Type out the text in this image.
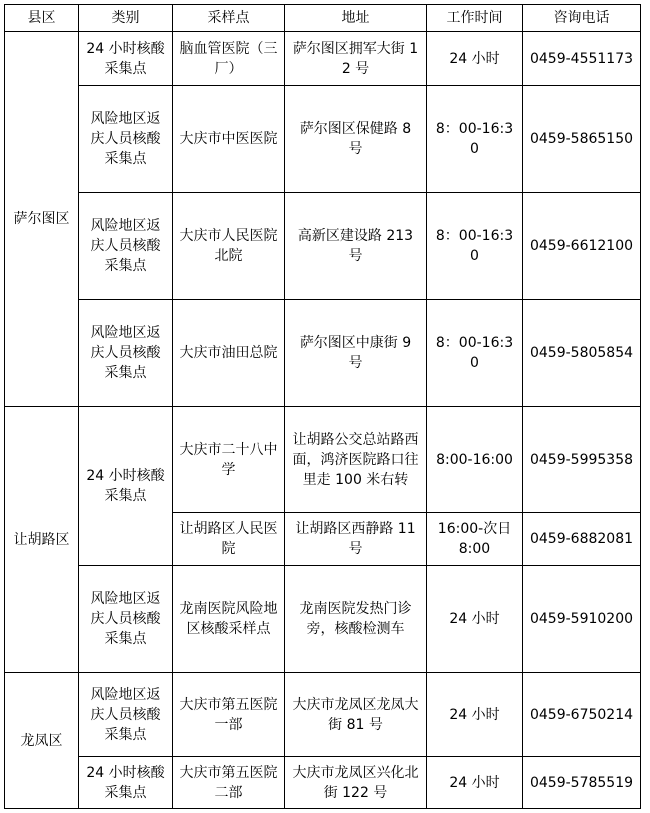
县区	类别	采样点	地址	工作时间	咨询电话
萨尔图区	24 小时核酸采集点	脑血管医院（三厂）	萨尔图区拥军大街 12 号	24 小时	0459-4551173
	风险地区返庆人员核酸采集点	大庆市中医医院	萨尔图区保健路 8 号	8：00-16:30	0459-5865150
	风险地区返庆人员核酸采集点	大庆市人民医院北院	高新区建设路 213 号	8：00-16:30	0459-6612100
	风险地区返庆人员核酸采集点	大庆市油田总院	萨尔图区中康街 9 号	8：00-16:30	0459-5805854
让胡路区	24 小时核酸采集点	大庆市二十八中学	让胡路公交总站路西面，鸿济医院路口往里走 100 米右转	8:00-16:00	0459-5995358
		让胡路区人民医院	让胡路区西静路 11 号	16:00-次日 8:00	0459-6882081
	风险地区返庆人员核酸采集点	龙南医院风险地区核酸采样点	龙南医院发热门诊旁，核酸检测车	24 小时	0459-5910200
龙凤区	风险地区返庆人员核酸采集点	大庆市第五医院一部	大庆市龙凤区龙凤大街 81 号	24 小时	0459-6750214
	24 小时核酸采集点	大庆市第五医院二部	大庆市龙凤区兴化北街 122 号	24 小时	0459-5785519
